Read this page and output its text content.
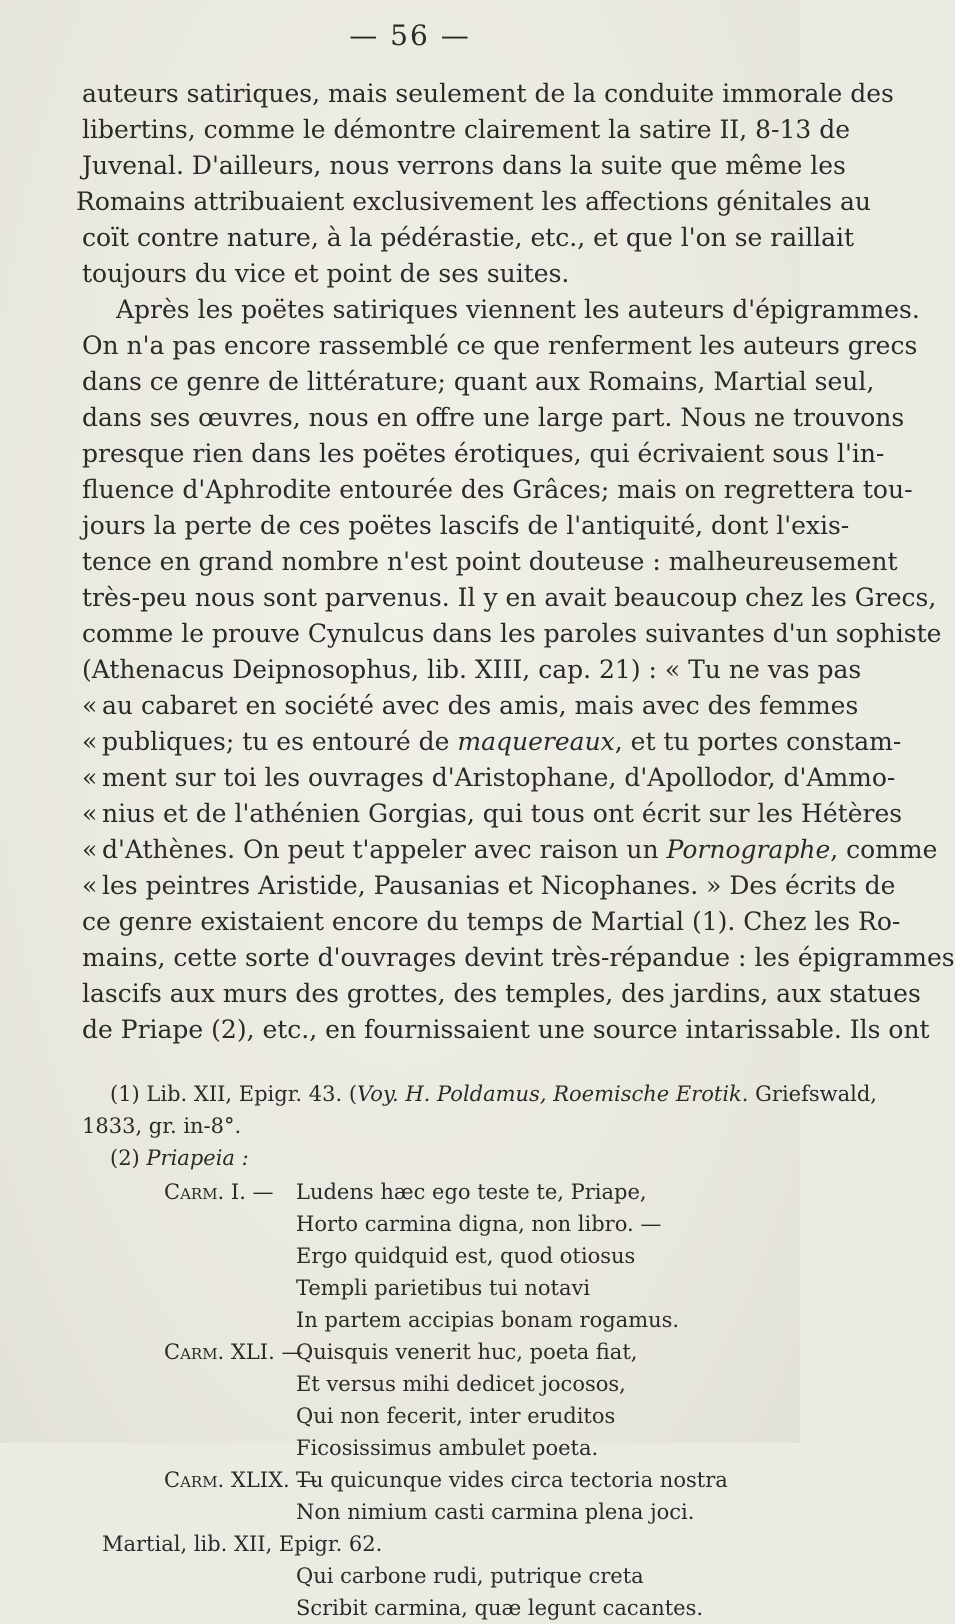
— 56 —

auteurs satiriques, mais seulement de la conduite immorale des

libertins, comme le démontre clairement la satire II, 8-13 de

Juvenal. D'ailleurs, nous verrons dans la suite que même les

Romains attribuaient exclusivement les affections génitales au

coït contre nature, à la pédérastie, etc., et que l'on se raillait

toujours du vice et point de ses suites.

Après les poëtes satiriques viennent les auteurs d'épigrammes.

On n'a pas encore rassemblé ce que renferment les auteurs grecs

dans ce genre de littérature; quant aux Romains, Martial seul,

dans ses œuvres, nous en offre une large part. Nous ne trouvons

presque rien dans les poëtes érotiques, qui écrivaient sous l'in-

fluence d'Aphrodite entourée des Grâces; mais on regrettera tou-

jours la perte de ces poëtes lascifs de l'antiquité, dont l'exis-

tence en grand nombre n'est point douteuse : malheureusement

très-peu nous sont parvenus. Il y en avait beaucoup chez les Grecs,

comme le prouve Cynulcus dans les paroles suivantes d'un sophiste

(Athenacus Deipnosophus, lib. XIII, cap. 21) : « Tu ne vas pas

« au cabaret en société avec des amis, mais avec des femmes

« publiques; tu es entouré de maquereaux, et tu portes constam-

« ment sur toi les ouvrages d'Aristophane, d'Apollodor, d'Ammo-

« nius et de l'athénien Gorgias, qui tous ont écrit sur les Hétères

« d'Athènes. On peut t'appeler avec raison un Pornographe, comme

« les peintres Aristide, Pausanias et Nicophanes. » Des écrits de

ce genre existaient encore du temps de Martial (1). Chez les Ro-

mains, cette sorte d'ouvrages devint très-répandue : les épigrammes

lascifs aux murs des grottes, des temples, des jardins, aux statues

de Priape (2), etc., en fournissaient une source intarissable. Ils ont

(1) Lib. XII, Epigr. 43. (Voy. H. Poldamus, Roemische Erotik. Griefswald,

1833, gr. in-8°.

(2) Priapeia :

Carm. I. — Ludens hæc ego teste te, Priape,
Horto carmina digna, non libro. —
Ergo quidquid est, quod otiosus
Templi parietibus tui notavi
In partem accipias bonam rogamus.
Carm. XLI. —Quisquis venerit huc, poeta fiat,
Et versus mihi dedicet jocosos,
Qui non fecerit, inter eruditos
Ficosissimus ambulet poeta.
Carm. XLIX. —Tu quicunque vides circa tectoria nostra
Non nimium casti carmina plena joci.
Martial, lib. XII, Epigr. 62.
Qui carbone rudi, putrique creta
Scribit carmina, quæ legunt cacantes.
